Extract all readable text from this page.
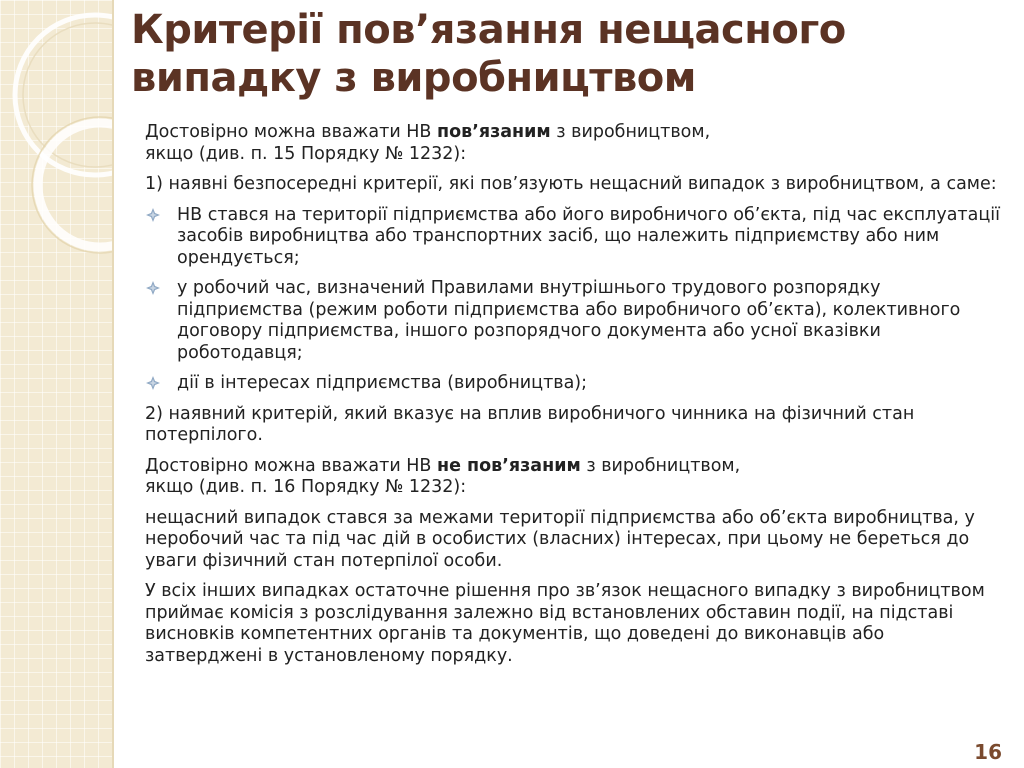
Критерії пов’язання нещасного випадку з виробництвом

Достовірно можна вважати НВ пов’язаним з виробництвом,
якщо (див. п. 15 Порядку № 1232):

1) наявні безпосередні критерії, які пов’язують нещасний випадок з виробництвом, а саме:

НВ стався на території підприємства або його виробничого об’єкта, під час експлуатації засобів виробництва або транспортних засіб, що належить підприємству або ним орендується;
у робочий час, визначений Правилами внутрішнього трудового розпорядку підприємства (режим роботи підприємства або виробничого об’єкта), колективного договору підприємства, іншого розпорядчого документа або усної вказівки роботодавця;
дії в інтересах підприємства (виробництва);

2) наявний критерій, який вказує на вплив виробничого чинника на фізичний стан потерпілого.

Достовірно можна вважати НВ не пов’язаним з виробництвом,
якщо (див. п. 16 Порядку № 1232):

нещасний випадок стався за межами території підприємства або об’єкта виробництва, у неробочий час та під час дій в особистих (власних) інтересах, при цьому не береться до уваги фізичний стан потерпілої особи.

У всіх інших випадках остаточне рішення про зв’язок нещасного випадку з виробництвом приймає комісія з розслідування залежно від встановлених обставин події, на підставі висновків компетентних органів та документів, що доведені до виконавців або затверджені в установленому порядку.

16
